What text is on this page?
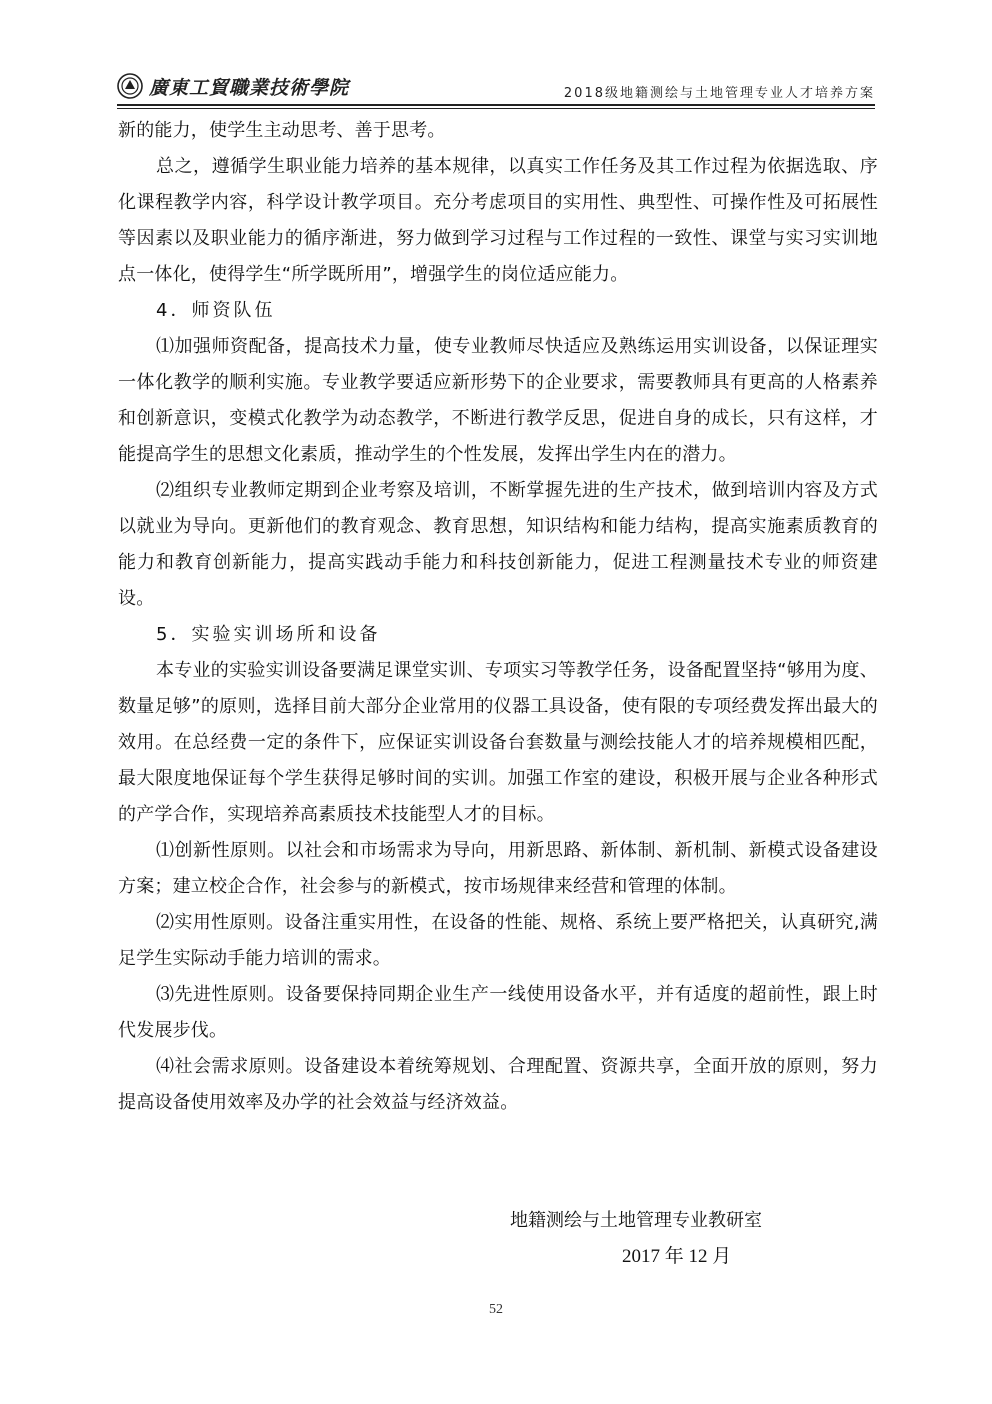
廣東工貿職業技術學院	2018级地籍测绘与土地管理专业人才培养方案

新的能力，使学生主动思考、善于思考。

总之，遵循学生职业能力培养的基本规律，以真实工作任务及其工作过程为依据选取、序化课程教学内容，科学设计教学项目。充分考虑项目的实用性、典型性、可操作性及可拓展性等因素以及职业能力的循序渐进，努力做到学习过程与工作过程的一致性、课堂与实习实训地点一体化，使得学生“所学既所用”，增强学生的岗位适应能力。

4．师资队伍

⑴加强师资配备，提高技术力量，使专业教师尽快适应及熟练运用实训设备，以保证理实一体化教学的顺利实施。专业教学要适应新形势下的企业要求，需要教师具有更高的人格素养和创新意识，变模式化教学为动态教学，不断进行教学反思，促进自身的成长，只有这样，才能提高学生的思想文化素质，推动学生的个性发展，发挥出学生内在的潜力。

⑵组织专业教师定期到企业考察及培训，不断掌握先进的生产技术，做到培训内容及方式以就业为导向。更新他们的教育观念、教育思想，知识结构和能力结构，提高实施素质教育的能力和教育创新能力，提高实践动手能力和科技创新能力，促进工程测量技术专业的师资建设。

5．实验实训场所和设备

本专业的实验实训设备要满足课堂实训、专项实习等教学任务，设备配置坚持“够用为度、数量足够”的原则，选择目前大部分企业常用的仪器工具设备，使有限的专项经费发挥出最大的效用。在总经费一定的条件下，应保证实训设备台套数量与测绘技能人才的培养规模相匹配，最大限度地保证每个学生获得足够时间的实训。加强工作室的建设，积极开展与企业各种形式的产学合作，实现培养高素质技术技能型人才的目标。

⑴创新性原则。以社会和市场需求为导向，用新思路、新体制、新机制、新模式设备建设方案；建立校企合作，社会参与的新模式，按市场规律来经营和管理的体制。

⑵实用性原则。设备注重实用性，在设备的性能、规格、系统上要严格把关，认真研究,满足学生实际动手能力培训的需求。

⑶先进性原则。设备要保持同期企业生产一线使用设备水平，并有适度的超前性，跟上时代发展步伐。

⑷社会需求原则。设备建设本着统筹规划、合理配置、资源共享，全面开放的原则，努力提高设备使用效率及办学的社会效益与经济效益。

地籍测绘与土地管理专业教研室
2017 年 12 月
52
